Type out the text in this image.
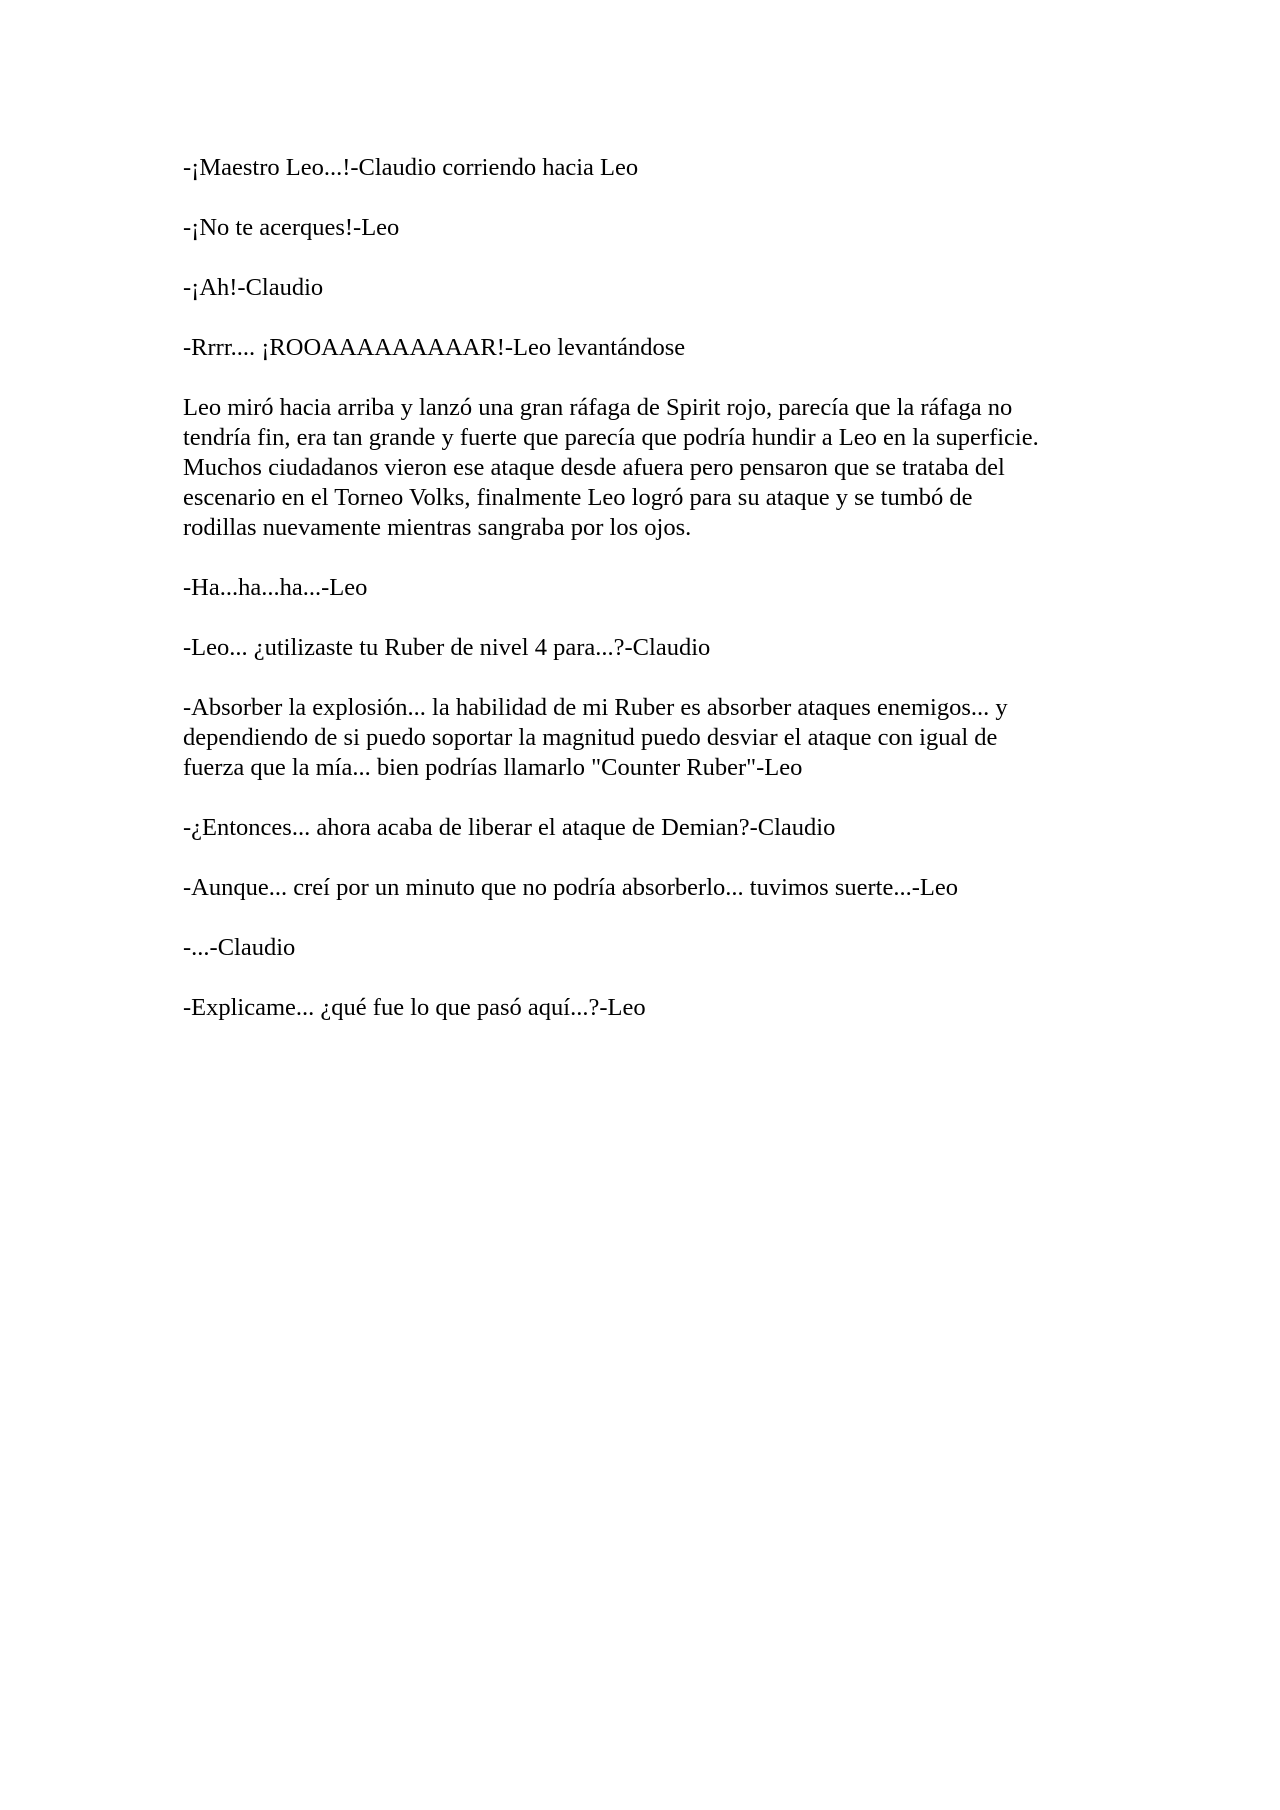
-¡Maestro Leo...!-Claudio corriendo hacia Leo

-¡No te acerques!-Leo

-¡Ah!-Claudio

-Rrrr.... ¡ROOAAAAAAAAAR!-Leo levantándose

Leo miró hacia arriba y lanzó una gran ráfaga de Spirit rojo, parecía que la ráfaga no
tendría fin, era tan grande y fuerte que parecía que podría hundir a Leo en la superficie.
Muchos ciudadanos vieron ese ataque desde afuera pero pensaron que se trataba del
escenario en el Torneo Volks, finalmente Leo logró para su ataque y se tumbó de
rodillas nuevamente mientras sangraba por los ojos.

-Ha...ha...ha...-Leo

-Leo... ¿utilizaste tu Ruber de nivel 4 para...?-Claudio

-Absorber la explosión... la habilidad de mi Ruber es absorber ataques enemigos... y
dependiendo de si puedo soportar la magnitud puedo desviar el ataque con igual de
fuerza que la mía... bien podrías llamarlo "Counter Ruber"-Leo

-¿Entonces... ahora acaba de liberar el ataque de Demian?-Claudio

-Aunque... creí por un minuto que no podría absorberlo... tuvimos suerte...-Leo

-...-Claudio

-Explicame... ¿qué fue lo que pasó aquí...?-Leo
